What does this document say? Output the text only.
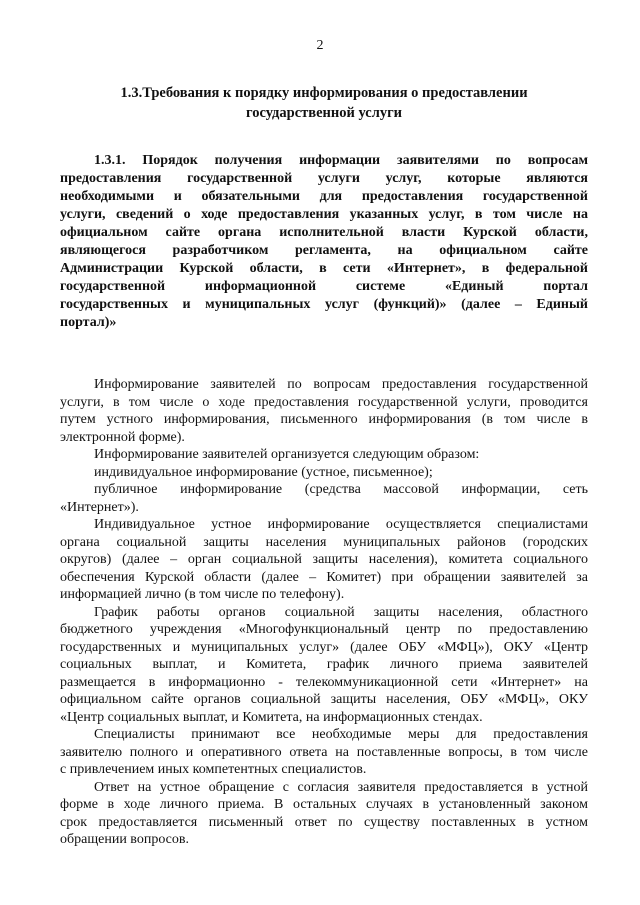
2
1.3.Требования к порядку информирования о предоставлении
государственной услуги
1.3.1. Порядок получения информации заявителями по вопросам
предоставления государственной услуги услуг, которые являются
необходимыми и обязательными для предоставления государственной
услуги, сведений о ходе предоставления указанных услуг, в том числе на
официальном сайте органа исполнительной власти Курской области,
являющегося разработчиком регламента, на официальном сайте
Администрации Курской области, в сети «Интернет», в федеральной
государственной информационной системе «Единый портал
государственных и муниципальных услуг (функций)» (далее – Единый
портал)»
Информирование заявителей по вопросам предоставления государственной
услуги, в том числе о ходе предоставления государственной услуги, проводится
путем устного информирования, письменного информирования (в том числе в
электронной форме).
Информирование заявителей организуется следующим образом:
индивидуальное информирование (устное, письменное);
публичное информирование (средства массовой информации, сеть
«Интернет»).
Индивидуальное устное информирование осуществляется специалистами
органа социальной защиты населения муниципальных районов (городских
округов) (далее – орган социальной защиты населения), комитета социального
обеспечения Курской области (далее – Комитет) при обращении заявителей за
информацией лично (в том числе по телефону).
График работы органов социальной защиты населения, областного
бюджетного учреждения «Многофункциональный центр по предоставлению
государственных и муниципальных услуг» (далее ОБУ «МФЦ»), ОКУ «Центр
социальных выплат, и Комитета, график личного приема заявителей
размещается в информационно - телекоммуникационной сети «Интернет» на
официальном сайте органов социальной защиты населения, ОБУ «МФЦ», ОКУ
«Центр социальных выплат, и Комитета, на информационных стендах.
Специалисты принимают все необходимые меры для предоставления
заявителю полного и оперативного ответа на поставленные вопросы, в том числе
с привлечением иных компетентных специалистов.
Ответ на устное обращение с согласия заявителя предоставляется в устной
форме в ходе личного приема. В остальных случаях в установленный законом
срок предоставляется письменный ответ по существу поставленных в устном
обращении вопросов.
